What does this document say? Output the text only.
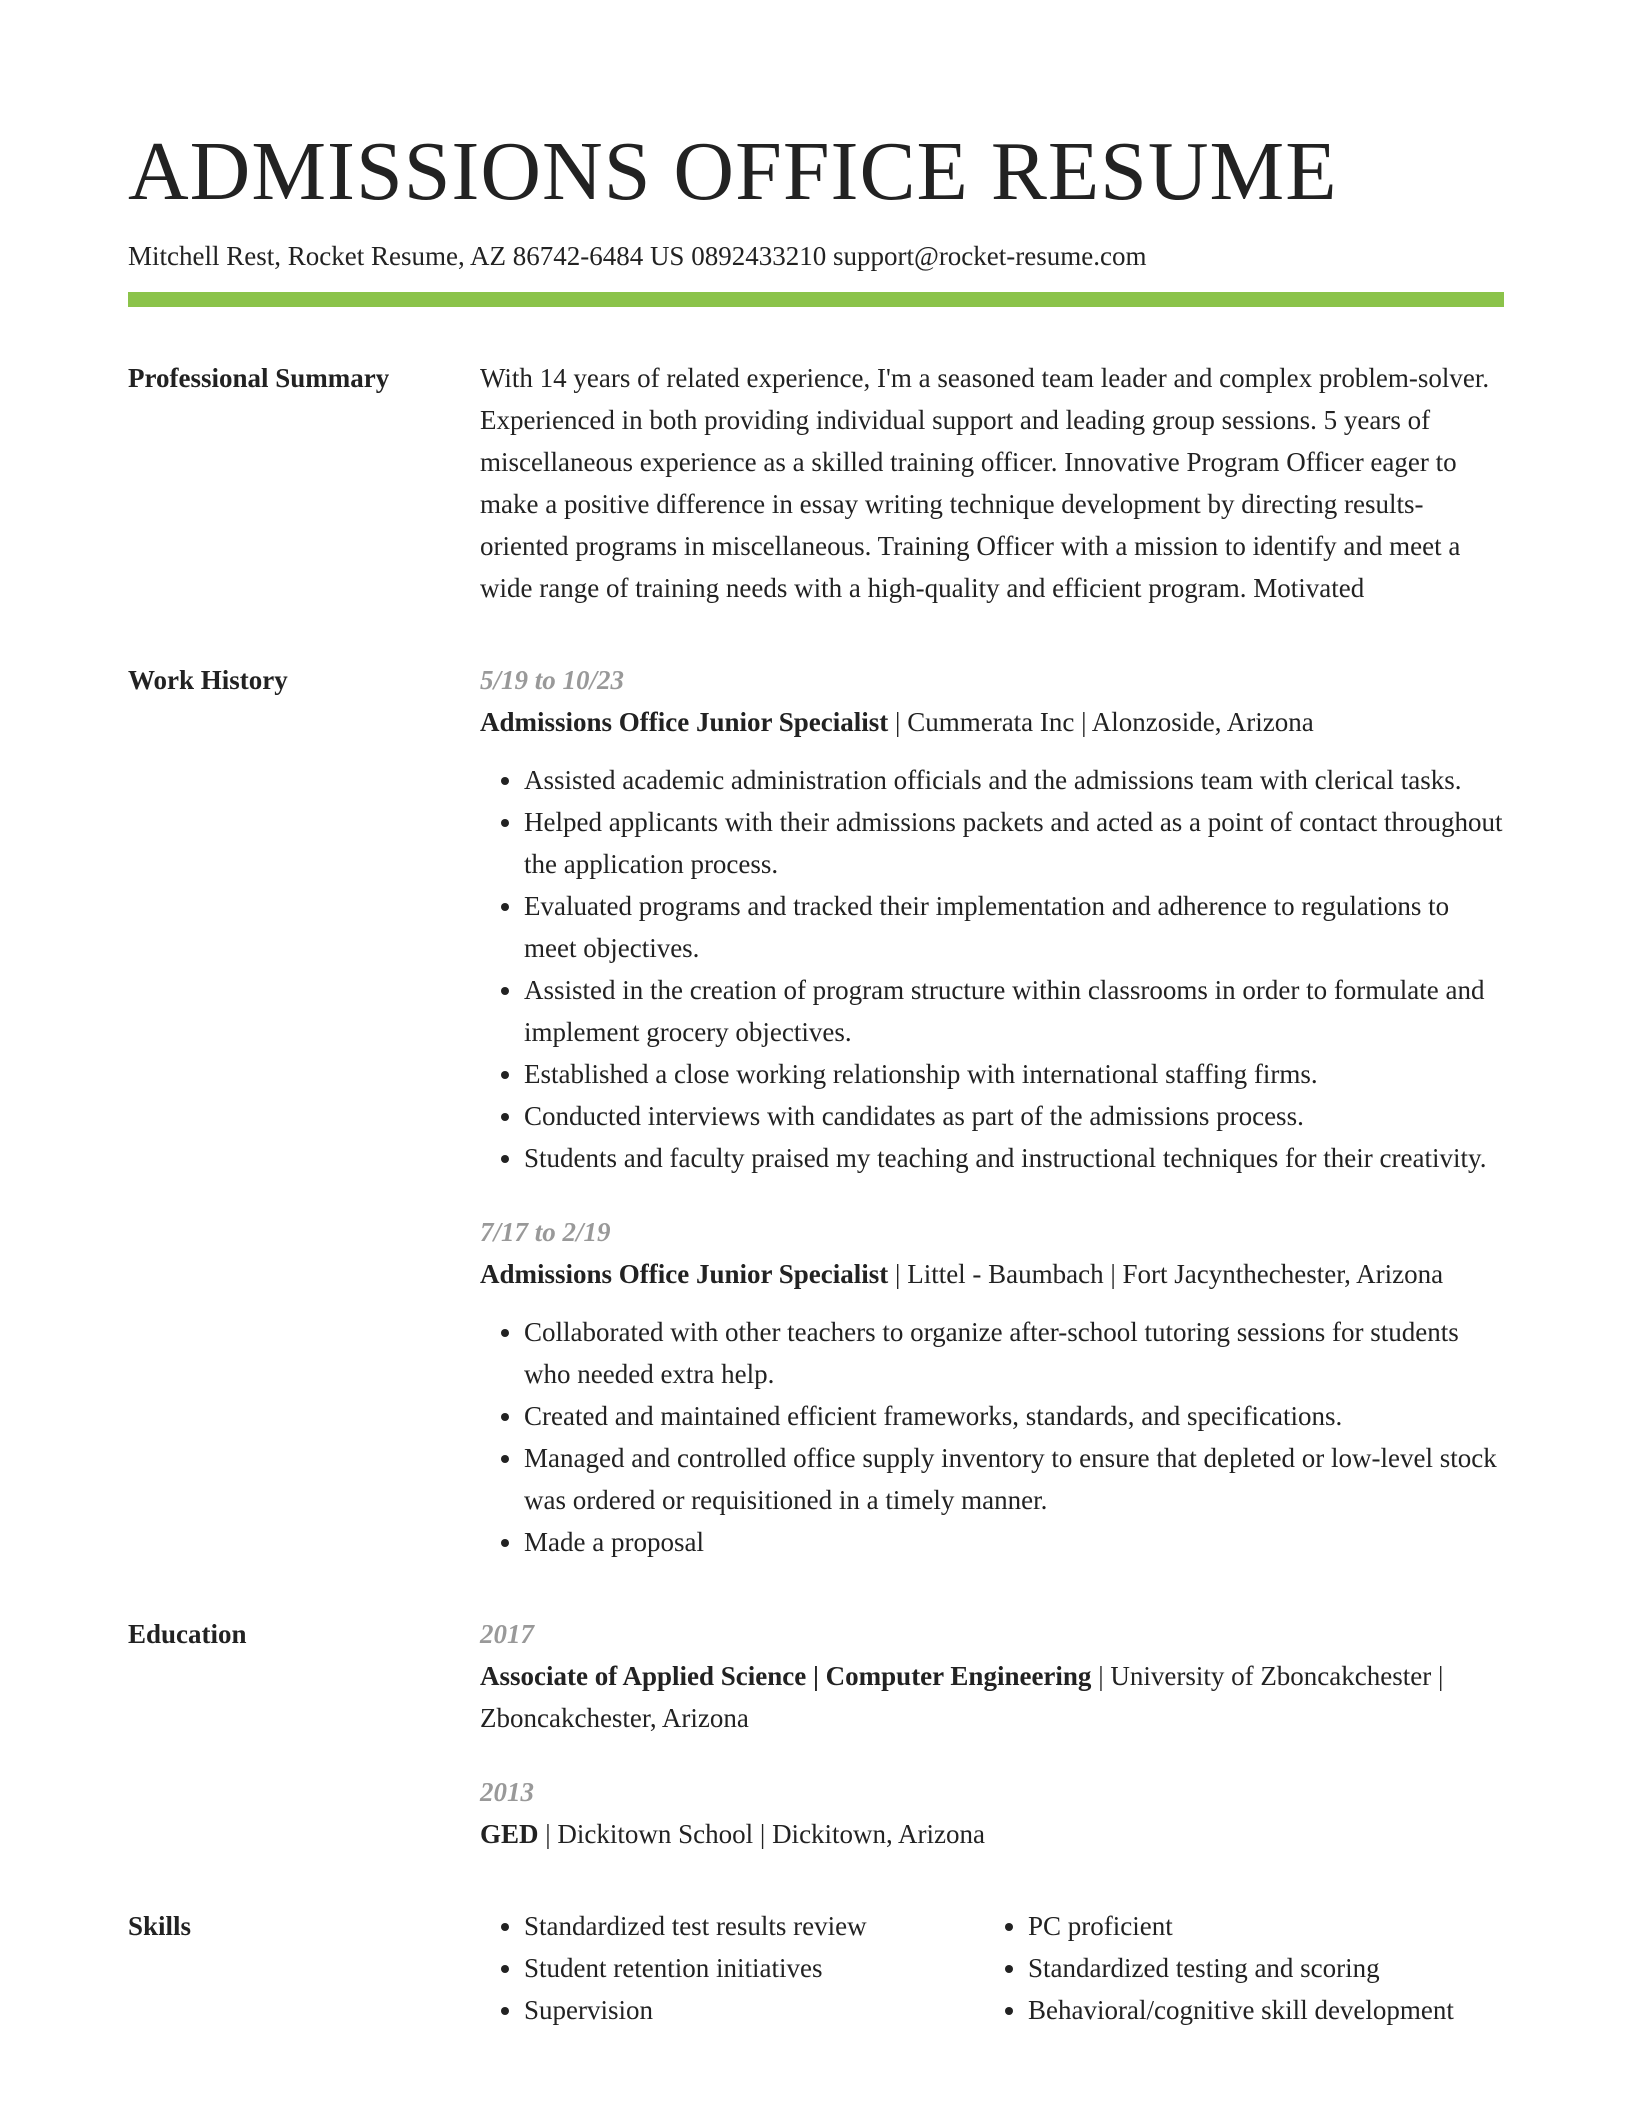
ADMISSIONS OFFICE RESUME
Mitchell Rest, Rocket Resume, AZ 86742-6484 US 0892433210 support@rocket-resume.com
Professional Summary	With 14 years of related experience, I'm a seasoned team leader and complex problem-solver. Experienced in both providing individual support and leading group sessions. 5 years of miscellaneous experience as a skilled training officer. Innovative Program Officer eager to make a positive difference in essay writing technique development by directing results-oriented programs in miscellaneous. Training Officer with a mission to identify and meet a wide range of training needs with a high-quality and efficient program. Motivated

Work History	5/19 to 10/23
Admissions Office Junior Specialist | Cummerata Inc | Alonzoside, Arizona
• Assisted academic administration officials and the admissions team with clerical tasks.
• Helped applicants with their admissions packets and acted as a point of contact throughout the application process.
• Evaluated programs and tracked their implementation and adherence to regulations to meet objectives.
• Assisted in the creation of program structure within classrooms in order to formulate and implement grocery objectives.
• Established a close working relationship with international staffing firms.
• Conducted interviews with candidates as part of the admissions process.
• Students and faculty praised my teaching and instructional techniques for their creativity.
7/17 to 2/19
Admissions Office Junior Specialist | Littel - Baumbach | Fort Jacynthechester, Arizona
• Collaborated with other teachers to organize after-school tutoring sessions for students who needed extra help.
• Created and maintained efficient frameworks, standards, and specifications.
• Managed and controlled office supply inventory to ensure that depleted or low-level stock was ordered or requisitioned in a timely manner.
• Made a proposal
Education	2017
Associate of Applied Science | Computer Engineering | University of Zboncakchester | Zboncakchester, Arizona
2013
GED | Dickitown School | Dickitown, Arizona
Skills
•	Standardized test results review
• Student retention initiatives
• Supervision
• PC proficient
• Standardized testing and scoring
• Behavioral/cognitive skill development
